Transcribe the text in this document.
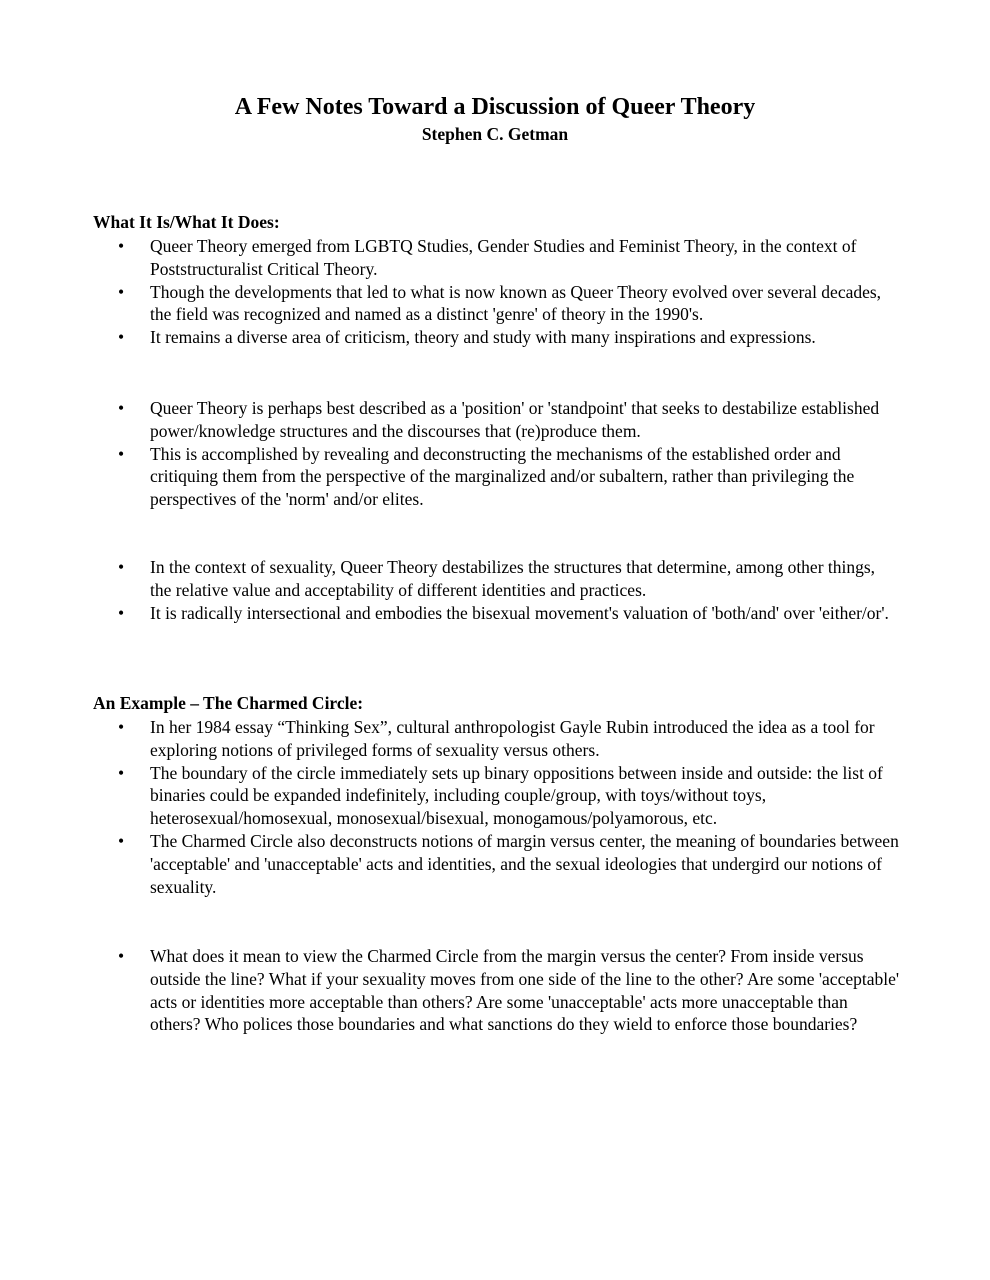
A Few Notes Toward a Discussion of Queer Theory
Stephen C. Getman
What It Is/What It Does:
• Queer Theory emerged from LGBTQ Studies, Gender Studies and Feminist Theory, in the context of Poststructuralist Critical Theory.
• Though the developments that led to what is now known as Queer Theory evolved over several decades, the field was recognized and named as a distinct 'genre' of theory in the 1990's.
• It remains a diverse area of criticism, theory and study with many inspirations and expressions.
• Queer Theory is perhaps best described as a 'position' or 'standpoint' that seeks to destabilize established power/knowledge structures and the discourses that (re)produce them.
• This is accomplished by revealing and deconstructing the mechanisms of the established order and critiquing them from the perspective of the marginalized and/or subaltern, rather than privileging the perspectives of the 'norm' and/or elites.
• In the context of sexuality, Queer Theory destabilizes the structures that determine, among other things, the relative value and acceptability of different identities and practices.
• It is radically intersectional and embodies the bisexual movement's valuation of 'both/and' over 'either/or'.
An Example – The Charmed Circle:
• In her 1984 essay “Thinking Sex”, cultural anthropologist Gayle Rubin introduced the idea as a tool for exploring notions of privileged forms of sexuality versus others.
• The boundary of the circle immediately sets up binary oppositions between inside and outside: the list of binaries could be expanded indefinitely, including couple/group, with toys/without toys, heterosexual/homosexual, monosexual/bisexual, monogamous/polyamorous, etc.
• The Charmed Circle also deconstructs notions of margin versus center, the meaning of boundaries between 'acceptable' and 'unacceptable' acts and identities, and the sexual ideologies that undergird our notions of sexuality.
• What does it mean to view the Charmed Circle from the margin versus the center? From inside versus outside the line? What if your sexuality moves from one side of the line to the other? Are some 'acceptable' acts or identities more acceptable than others? Are some 'unacceptable' acts more unacceptable than others? Who polices those boundaries and what sanctions do they wield to enforce those boundaries?
